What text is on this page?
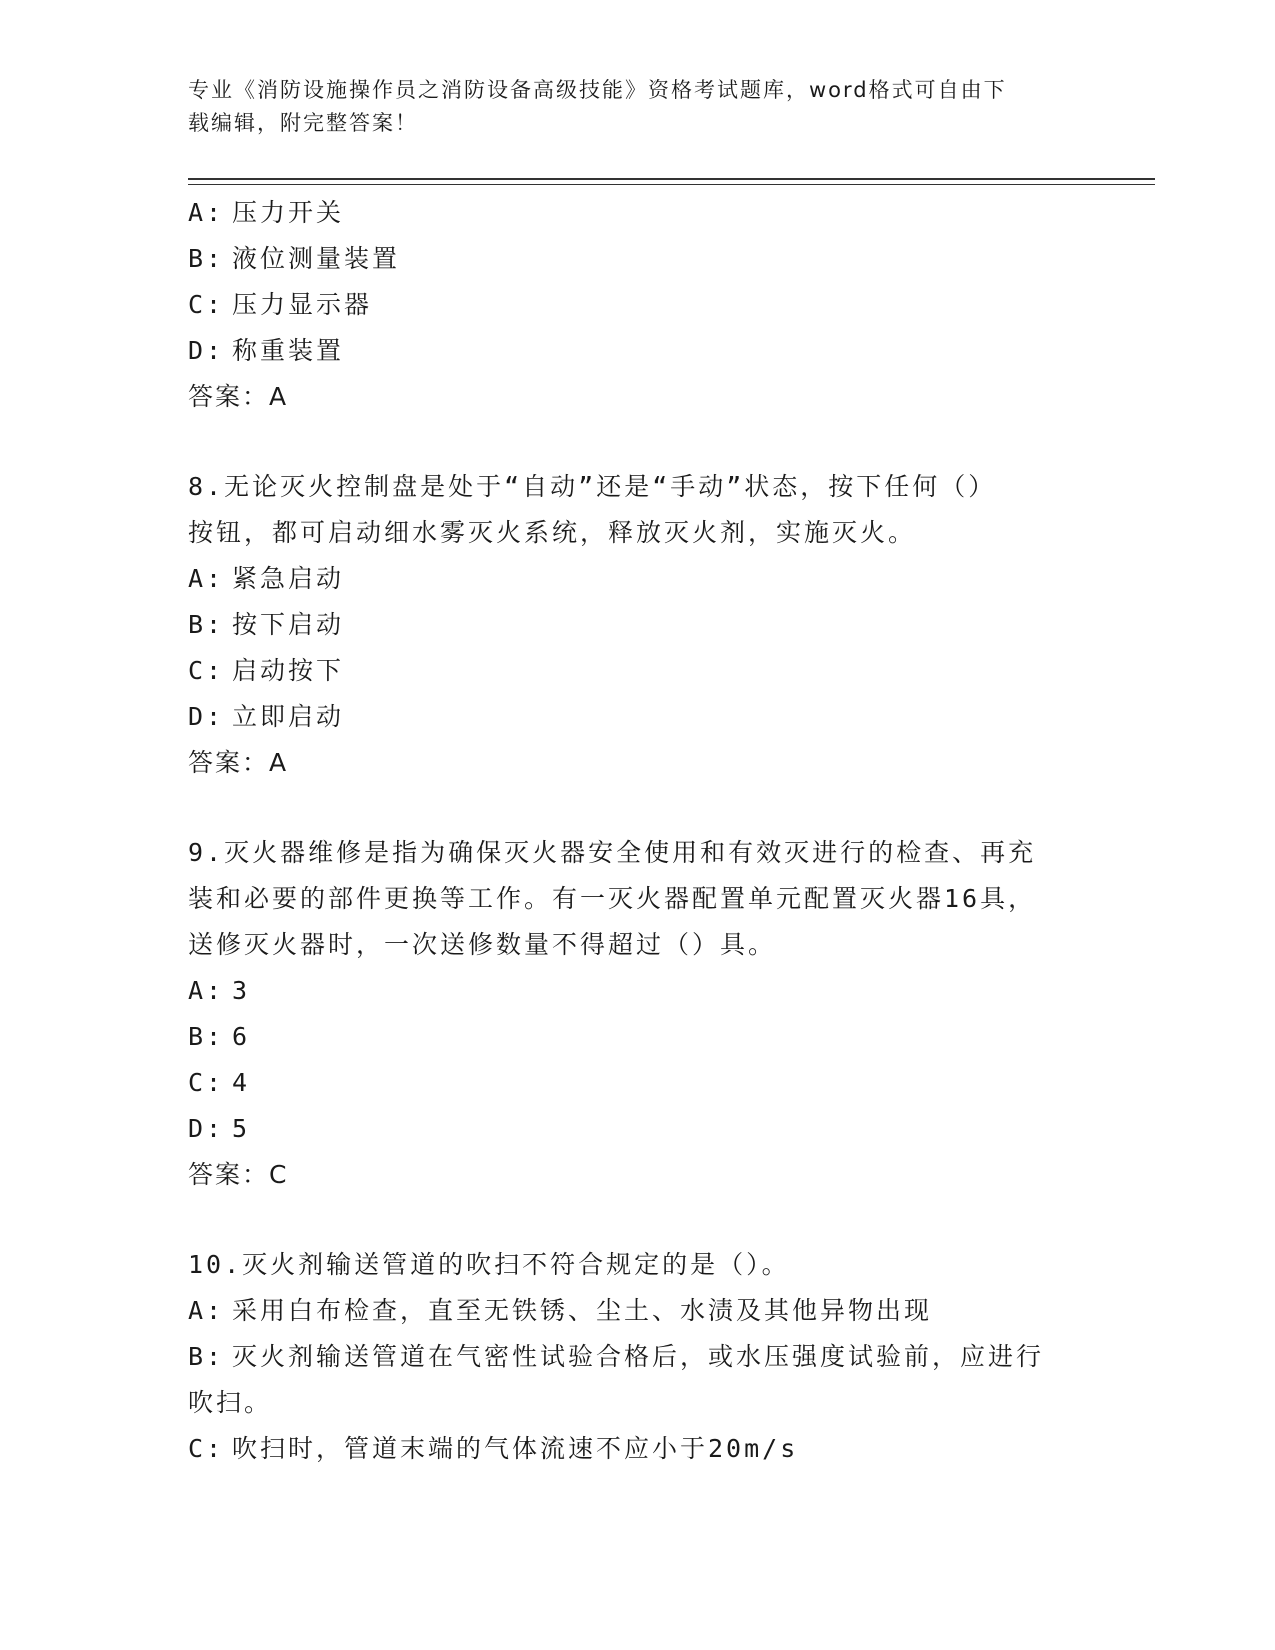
专业《消防设施操作员之消防设备高级技能》资格考试题库，word格式可自由下
载编辑，附完整答案！
A: 压力开关
B: 液位测量装置
C: 压力显示器
D: 称重装置
答案：A
8.无论灭火控制盘是处于“自动”还是“手动”状态，按下任何（）
按钮，都可启动细水雾灭火系统，释放灭火剂，实施灭火。
A: 紧急启动
B: 按下启动
C: 启动按下
D: 立即启动
答案：A
9.灭火器维修是指为确保灭火器安全使用和有效灭进行的检查、再充
装和必要的部件更换等工作。有一灭火器配置单元配置灭火器16具，
送修灭火器时，一次送修数量不得超过（）具。
A: 3
B: 6
C: 4
D: 5
答案：C
10.灭火剂输送管道的吹扫不符合规定的是（）。
A: 采用白布检查，直至无铁锈、尘土、水渍及其他异物出现
B: 灭火剂输送管道在气密性试验合格后，或水压强度试验前，应进行
吹扫。
C: 吹扫时，管道末端的气体流速不应小于20m/s
